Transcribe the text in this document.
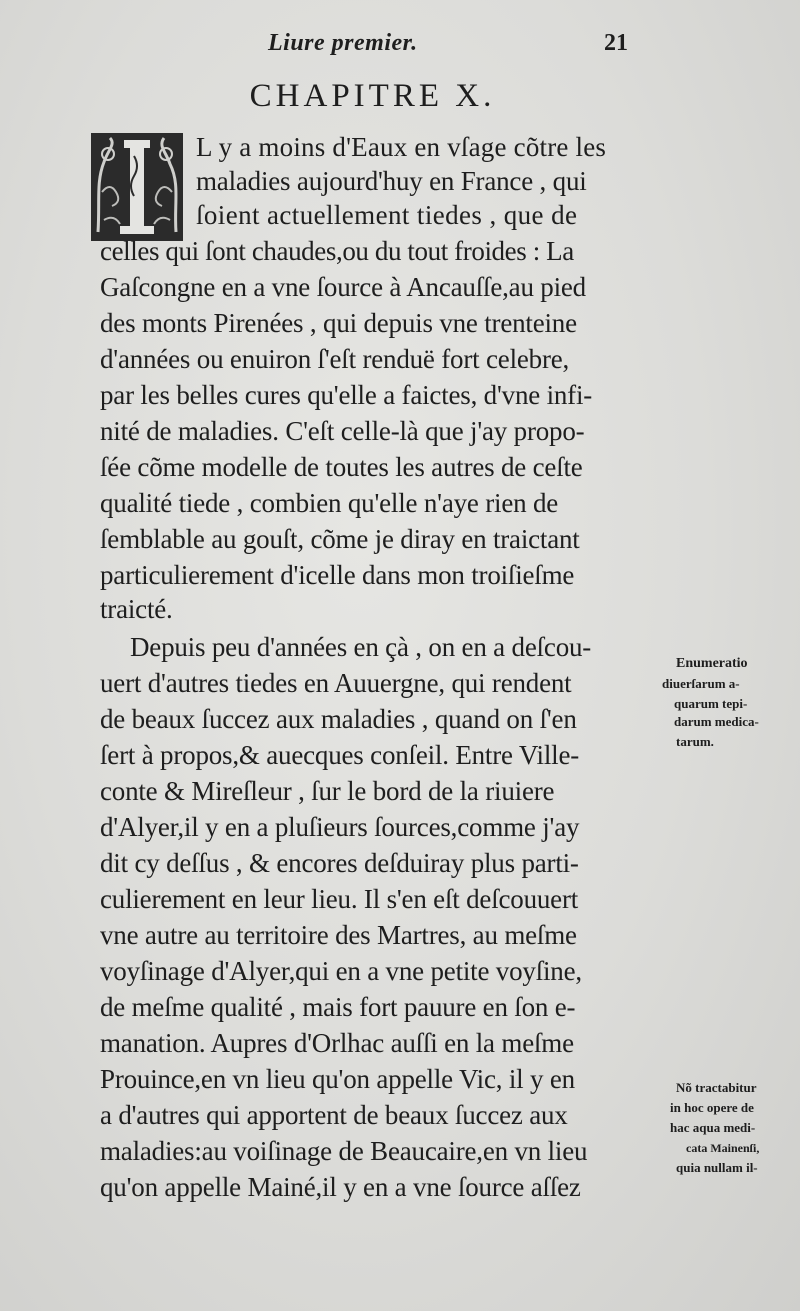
Liure premier.	21
CHAPITRE X.
L y a moins d'Eaux en vſage cõtre les
maladies aujourd'huy en France , qui
ſoient actuellement tiedes , que de
celles qui ſont chaudes,ou du tout froides : La
Gaſcongne en a vne ſource à Ancauſſe,au pied
des monts Pirenées , qui depuis vne trenteine
d'années ou enuiron ſ'eſt renduë fort celebre,
par les belles cures qu'elle a faictes, d'vne infi-
nité de maladies. C'eſt celle-là que j'ay propo-
ſée cõme modelle de toutes les autres de ceſte
qualité tiede , combien qu'elle n'aye rien de
ſemblable au gouſt, cõme je diray en traictant
particulierement d'icelle dans mon troiſieſme
traicté.
Depuis peu d'années en çà , on en a deſcou-
uert d'autres tiedes en Auuergne, qui rendent
de beaux ſuccez aux maladies , quand on ſ'en
ſert à propos,& auecques conſeil. Entre Ville-
conte & Mireſleur , ſur le bord de la riuiere
d'Alyer,il y en a pluſieurs ſources,comme j'ay
dit cy deſſus , & encores deſduiray plus parti-
culierement en leur lieu. Il s'en eſt deſcouuert
vne autre au territoire des Martres, au meſme
voyſinage d'Alyer,qui en a vne petite voyſine,
de meſme qualité , mais fort pauure en ſon e-
manation. Aupres d'Orlhac auſſi en la meſme
Prouince,en vn lieu qu'on appelle Vic, il y en
a d'autres qui apportent de beaux ſuccez aux
maladies:au voiſinage de Beaucaire,en vn lieu
qu'on appelle Mainé,il y en a vne ſource aſſez
Enumeratio
diuerſarum a-
quarum tepi-
darum medica-
tarum.
Nõ tractabitur
in hoc opere de
hac aqua medi-
cata Mainenſi,
quia nullam il-
